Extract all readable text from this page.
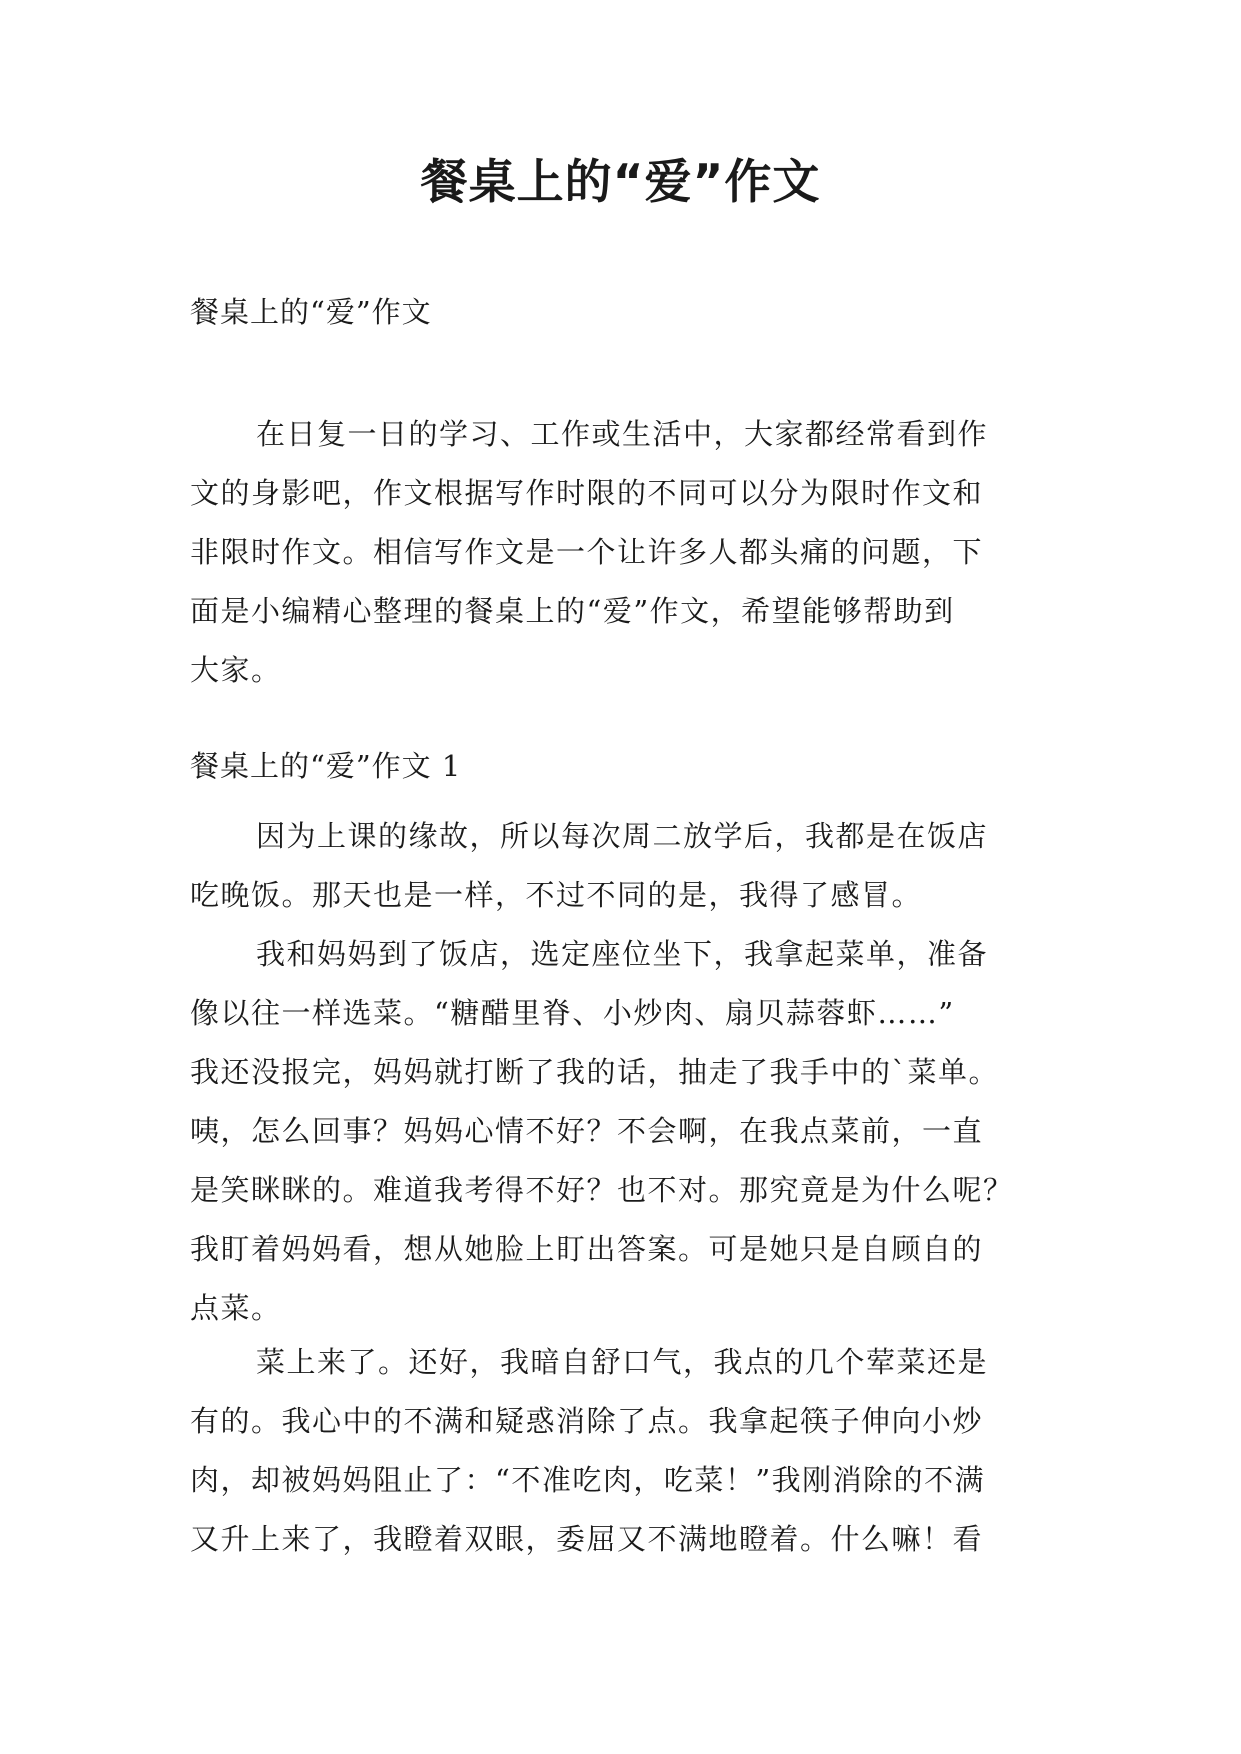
餐桌上的“爱”作文

餐桌上的“爱”作文

在日复一日的学习、工作或生活中，大家都经常看到作
文的身影吧，作文根据写作时限的不同可以分为限时作文和
非限时作文。相信写作文是一个让许多人都头痛的问题，下
面是小编精心整理的餐桌上的“爱”作文，希望能够帮助到
大家。

餐桌上的“爱”作文 1

因为上课的缘故，所以每次周二放学后，我都是在饭店
吃晚饭。那天也是一样，不过不同的是，我得了感冒。

我和妈妈到了饭店，选定座位坐下，我拿起菜单，准备
像以往一样选菜。“糖醋里脊、小炒肉、扇贝蒜蓉虾……”
我还没报完，妈妈就打断了我的话，抽走了我手中的`菜单。
咦，怎么回事？妈妈心情不好？不会啊，在我点菜前，一直
是笑眯眯的。难道我考得不好？也不对。那究竟是为什么呢？
我盯着妈妈看，想从她脸上盯出答案。可是她只是自顾自的
点菜。

菜上来了。还好，我暗自舒口气，我点的几个荤菜还是
有的。我心中的不满和疑惑消除了点。我拿起筷子伸向小炒
肉，却被妈妈阻止了：“不准吃肉，吃菜！”我刚消除的不满
又升上来了，我瞪着双眼，委屈又不满地瞪着。什么嘛！看
